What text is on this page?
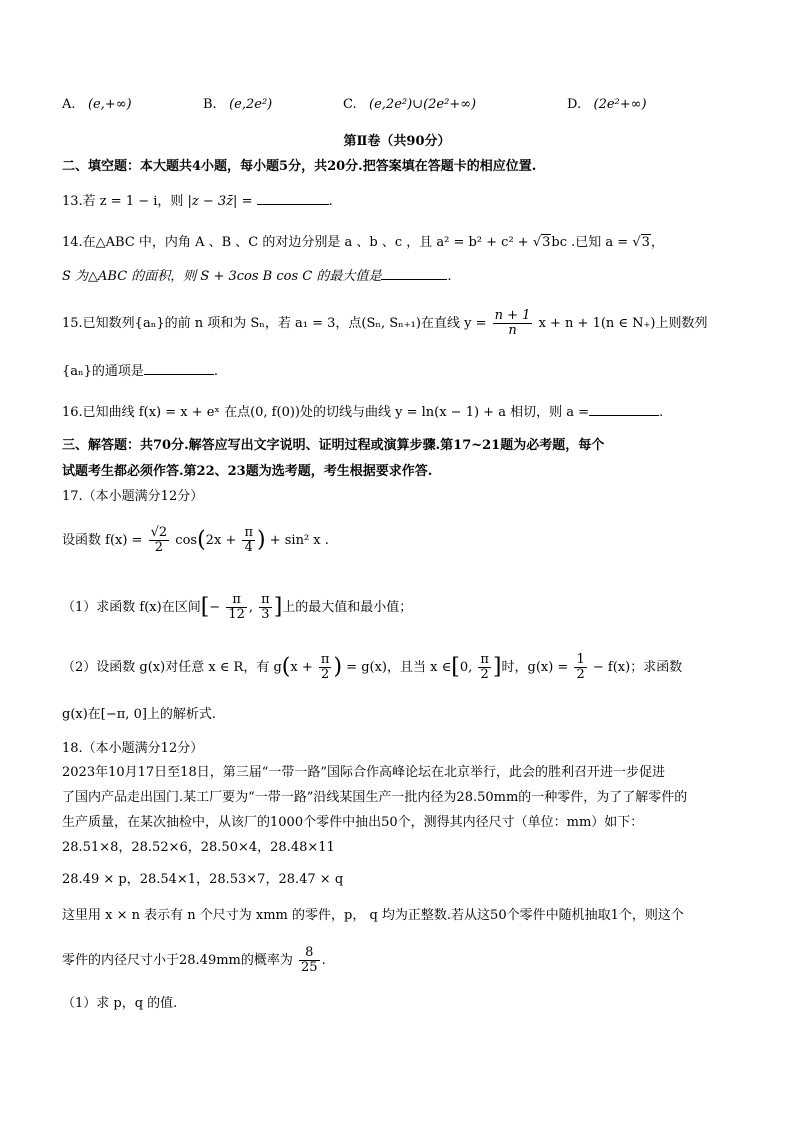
A. (e,+∞)	B. (e,2e²)	C. (e,2e²)∪(2e²+∞)	D. (2e²+∞)
第Ⅱ卷（共90分）
二、填空题：本大题共4小题，每小题5分，共20分.把答案填在答题卡的相应位置.
13.若 z = 1 − i，则 |z − 3z̄| =	.
14.在△ABC 中，内角 A 、B 、C 的对边分别是 a 、b 、c ，且 a² = b² + c² + √3bc .已知 a = √3，
S 为△ABC 的面积，则 S + 3cos B cos C 的最大值是	.
15.已知数列{aₙ}的前 n 项和为 Sₙ，若 a₁ = 3，点(Sₙ, Sₙ₊₁)在直线 $y = \frac{n + 1}{n}$ x + n + 1(n ∈ N₊)上则数列
{aₙ}的通项是	.
16.已知曲线 f(x) = x + eˣ 在点(0, f(0))处的切线与曲线 y = ln(x − 1) + a 相切，则 a =	.
三、解答题：共70分.解答应写出文字说明、证明过程或演算步骤.第17~21题为必考题，每个
试题考生都必须作答.第22、23题为选考题，考生根据要求作答.
17.（本小题满分12分）
设函数 $f(x) = \frac{√2}{2} \cos(2x + \frac{\pi}{4}$ ) + sin² x .
（1）求函数 f(x)在区间[− $\frac{\pi}{12}$ , $\frac{\pi}{3}$ ]上的最大值和最小值；
（2）设函数 g(x)对任意 x ∈ R，有 $g(x + \frac{\pi}{2}$ ) = g(x)，且当 x ∈[0, $\frac{\pi}{2}$ ]时，$g(x) = \frac{1}{2} - f(x)$；求函数
g(x)在[−π, 0]上的解析式.
18.（本小题满分12分）
2023年10月17日至18日，第三届“一带一路”国际合作高峰论坛在北京举行，此会的胜利召开进一步促进
了国内产品走出国门.某工厂要为“一带一路”沿线某国生产一批内径为28.50mm的一种零件，为了了解零件的
生产质量，在某次抽检中，从该厂的1000个零件中抽出50个，测得其内径尺寸（单位：mm）如下：
28.51×8，28.52×6，28.50×4，28.48×11
28.49 × p，28.54×1，28.53×7，28.47 × q
这里用 x × n 表示有 n 个尺寸为 xmm 的零件，p， q 均为正整数.若从这50个零件中随机抽取1个，则这个
零件的内径尺寸小于28.49mm的概率为 $\frac{8}{25}$ .
（1）求 p，q 的值.
